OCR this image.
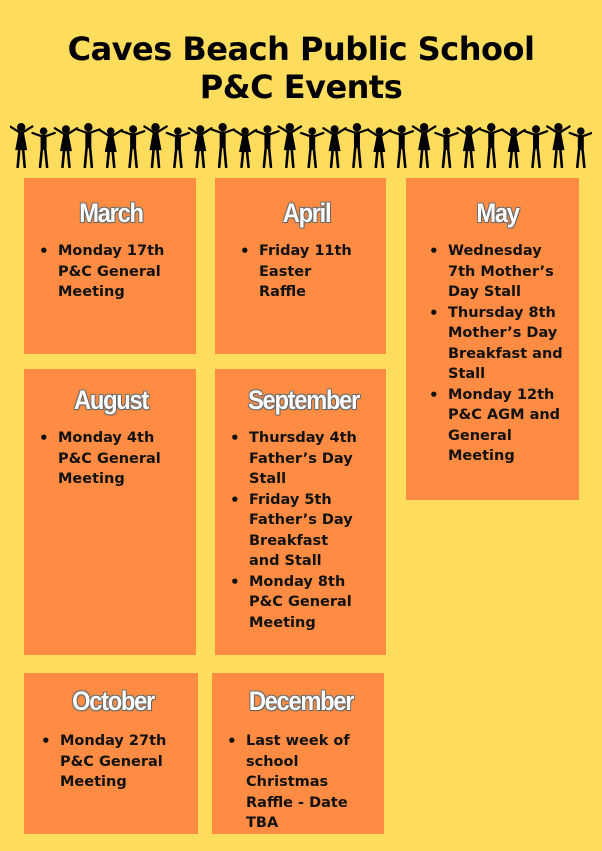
Caves Beach Public School
P&C Events
March
• Monday 17th P&C General Meeting
April
• Friday 11th Easter Raffle
May
• Wednesday 7th Mother’s Day Stall
• Thursday 8th Mother’s Day Breakfast and Stall
• Monday 12th P&C AGM and General Meeting
August
• Monday 4th P&C General Meeting
September
• Thursday 4th Father’s Day Stall
• Friday 5th Father’s Day Breakfast and Stall
• Monday 8th P&C General Meeting
October
• Monday 27th P&C General Meeting
December
• Last week of school Christmas Raffle - Date TBA
